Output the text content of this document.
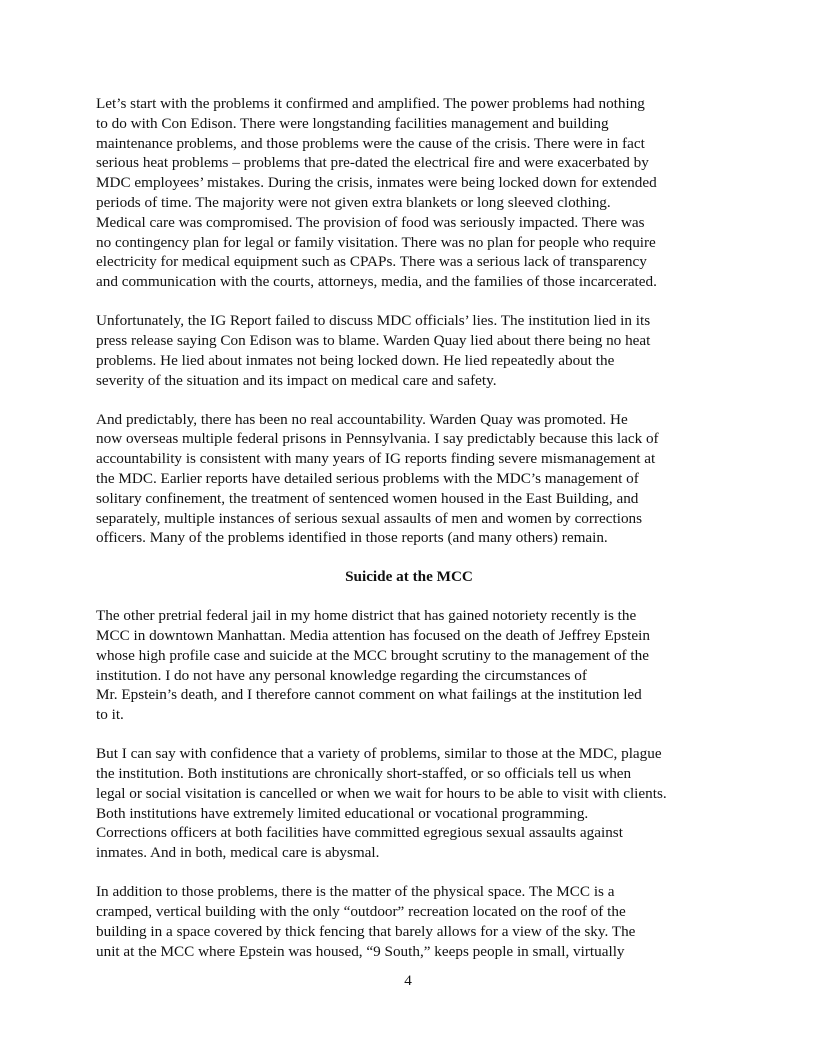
Let’s start with the problems it confirmed and amplified. The power problems had nothing
to do with Con Edison. There were longstanding facilities management and building
maintenance problems, and those problems were the cause of the crisis. There were in fact
serious heat problems – problems that pre-dated the electrical fire and were exacerbated by
MDC employees’ mistakes. During the crisis, inmates were being locked down for extended
periods of time. The majority were not given extra blankets or long sleeved clothing.
Medical care was compromised. The provision of food was seriously impacted. There was
no contingency plan for legal or family visitation. There was no plan for people who require
electricity for medical equipment such as CPAPs. There was a serious lack of transparency
and communication with the courts, attorneys, media, and the families of those incarcerated.
Unfortunately, the IG Report failed to discuss MDC officials’ lies. The institution lied in its
press release saying Con Edison was to blame. Warden Quay lied about there being no heat
problems. He lied about inmates not being locked down. He lied repeatedly about the
severity of the situation and its impact on medical care and safety.
And predictably, there has been no real accountability. Warden Quay was promoted. He
now overseas multiple federal prisons in Pennsylvania. I say predictably because this lack of
accountability is consistent with many years of IG reports finding severe mismanagement at
the MDC. Earlier reports have detailed serious problems with the MDC’s management of
solitary confinement, the treatment of sentenced women housed in the East Building, and
separately, multiple instances of serious sexual assaults of men and women by corrections
officers. Many of the problems identified in those reports (and many others) remain.
Suicide at the MCC
The other pretrial federal jail in my home district that has gained notoriety recently is the
MCC in downtown Manhattan. Media attention has focused on the death of Jeffrey Epstein
whose high profile case and suicide at the MCC brought scrutiny to the management of the
institution. I do not have any personal knowledge regarding the circumstances of
Mr. Epstein’s death, and I therefore cannot comment on what failings at the institution led
to it.
But I can say with confidence that a variety of problems, similar to those at the MDC, plague
the institution. Both institutions are chronically short-staffed, or so officials tell us when
legal or social visitation is cancelled or when we wait for hours to be able to visit with clients.
Both institutions have extremely limited educational or vocational programming.
Corrections officers at both facilities have committed egregious sexual assaults against
inmates. And in both, medical care is abysmal.
In addition to those problems, there is the matter of the physical space. The MCC is a
cramped, vertical building with the only “outdoor” recreation located on the roof of the
building in a space covered by thick fencing that barely allows for a view of the sky. The
unit at the MCC where Epstein was housed, “9 South,” keeps people in small, virtually
4
